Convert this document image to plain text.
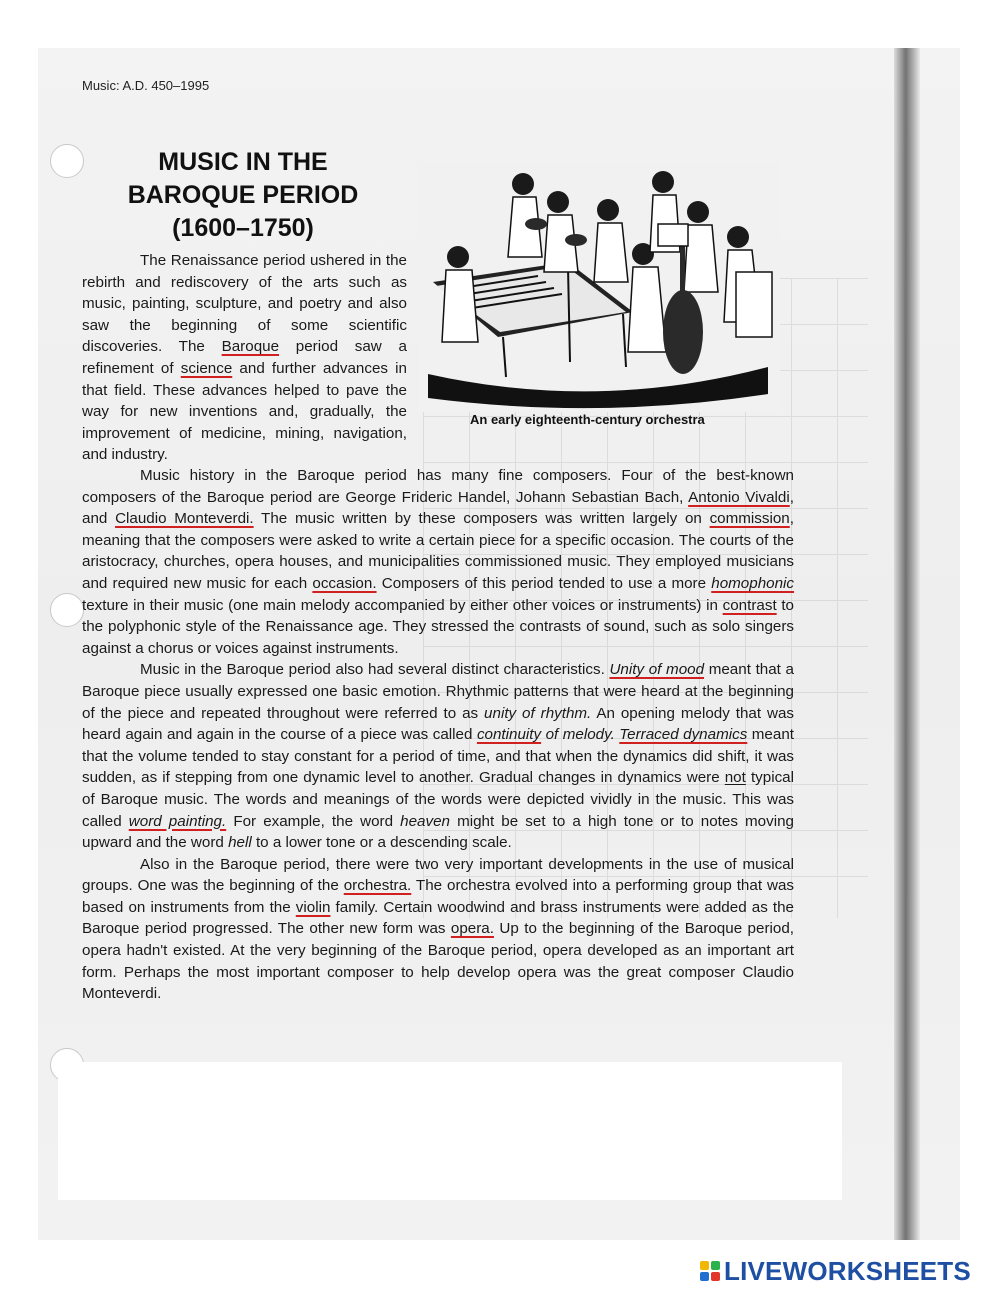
Music: A.D. 450–1995
MUSIC IN THE
BAROQUE PERIOD
(1600–1750)
An early eighteenth-century orchestra

The Renaissance period ushered in the rebirth and rediscovery of the arts such as music, painting, sculpture, and poetry and also saw the beginning of some scientific discoveries. The Baroque period saw a refinement of science and further advances in that field. These advances helped to pave the way for new inventions and, gradually, the improvement of medicine, mining, navigation, and industry.

Music history in the Baroque period has many fine composers. Four of the best-known composers of the Baroque period are George Frideric Handel, Johann Sebastian Bach, Antonio Vivaldi, and Claudio Monteverdi. The music written by these composers was written largely on commission, meaning that the composers were asked to write a certain piece for a specific occasion. The courts of the aristocracy, churches, opera houses, and municipalities commissioned music. They employed musicians and required new music for each occasion. Composers of this period tended to use a more homophonic texture in their music (one main melody accompanied by either other voices or instruments) in contrast to the polyphonic style of the Renaissance age. They stressed the contrasts of sound, such as solo singers against a chorus or voices against instruments.

Music in the Baroque period also had several distinct characteristics. Unity of mood meant that a Baroque piece usually expressed one basic emotion. Rhythmic patterns that were heard at the beginning of the piece and repeated throughout were referred to as unity of rhythm. An opening melody that was heard again and again in the course of a piece was called continuity of melody. Terraced dynamics meant that the volume tended to stay constant for a period of time, and that when the dynamics did shift, it was sudden, as if stepping from one dynamic level to another. Gradual changes in dynamics were not typical of Baroque music. The words and meanings of the words were depicted vividly in the music. This was called word painting. For example, the word heaven might be set to a high tone or to notes moving upward and the word hell to a lower tone or a descending scale.

Also in the Baroque period, there were two very important developments in the use of musical groups. One was the beginning of the orchestra. The orchestra evolved into a performing group that was based on instruments from the violin family. Certain woodwind and brass instruments were added as the Baroque period progressed. The other new form was opera. Up to the beginning of the Baroque period, opera hadn't existed. At the very beginning of the Baroque period, opera developed as an important art form. Perhaps the most important composer to help develop opera was the great composer Claudio Monteverdi.

LIVEWORKSHEETS
